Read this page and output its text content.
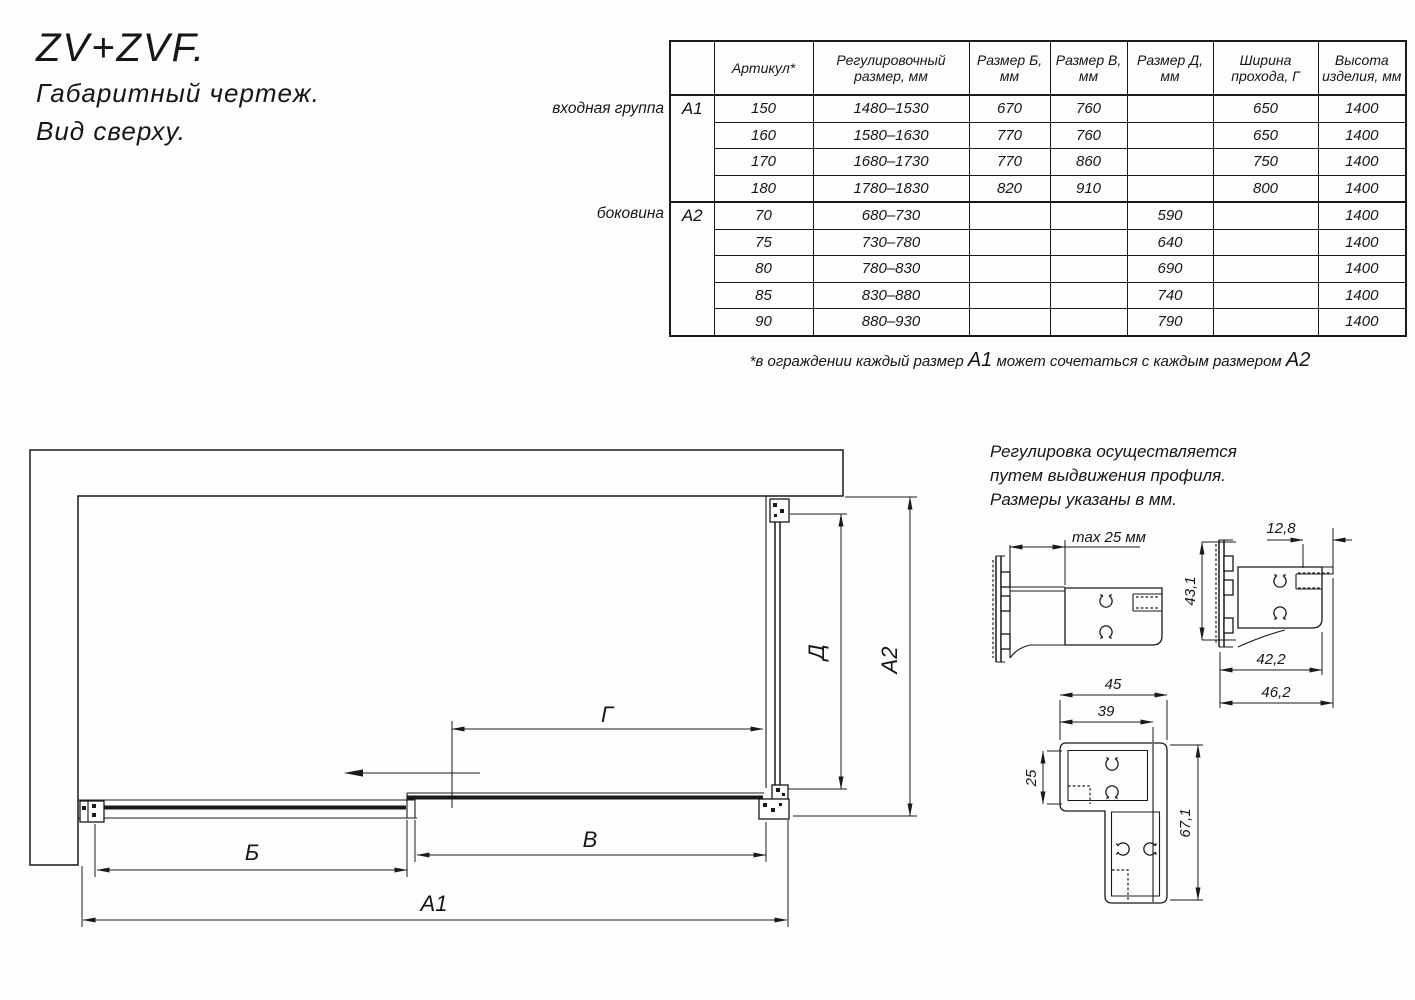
ZV+ZVF.
Габаритный чертеж.
Вид сверху.
входная группа
боковина
	Артикул*	Регулировочный размер, мм	Размер Б, мм	Размер В, мм	Размер Д, мм	Ширина прохода, Г	Высота изделия, мм
А1	150	1480–1530	670	760		650	1400
	160	1580–1630	770	760		650	1400
	170	1680–1730	770	860		750	1400
	180	1780–1830	820	910		800	1400
А2	70	680–730			590		1400
	75	730–780			640		1400
	80	780–830			690		1400
	85	830–880			740		1400
	90	880–930			790		1400
*в ограждении каждый размер А1 может сочетаться с каждым размером А2
Регулировка осуществляется
путем выдвижения профиля.
Размеры указаны в мм.
Г
Д А2
Б
В
А1
max 25 мм
12,8
43,1
42,2
46,2
45
39
25
67,1
